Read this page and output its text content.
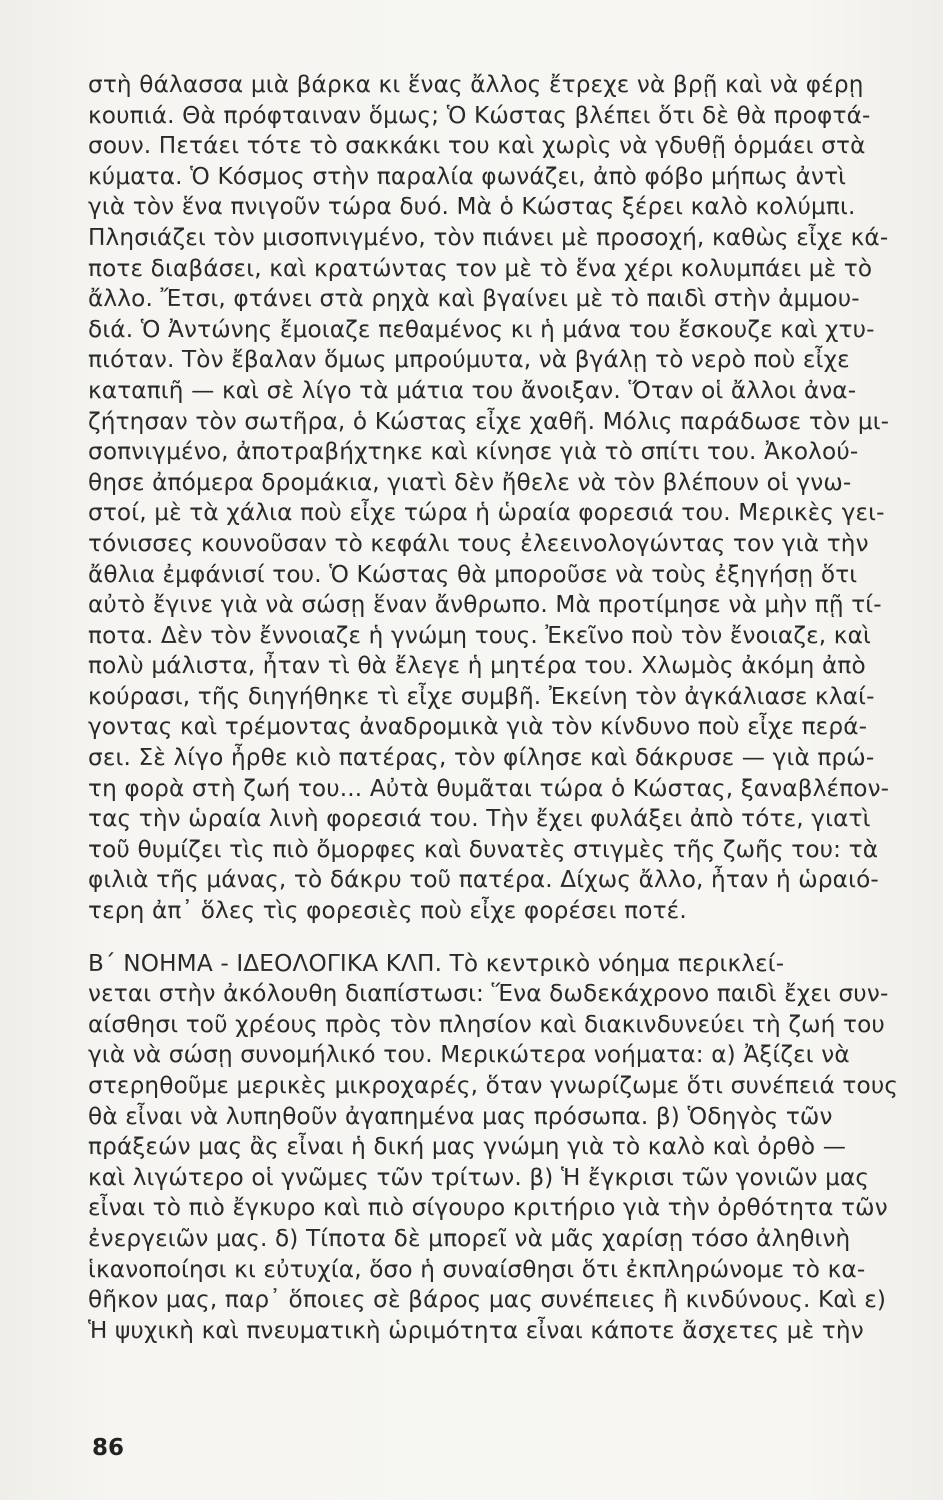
στὴ θάλασσα μιὰ βάρκα κι ἕνας ἄλλος ἔτρεχε νὰ βρῇ καὶ νὰ φέρῃ
κουπιά. Θὰ πρόφταιναν ὅμως; Ὁ Κώστας βλέπει ὅτι δὲ θὰ προφτά-
σουν. Πετάει τότε τὸ σακκάκι του καὶ χωρὶς νὰ γδυθῇ ὁρμάει στὰ
κύματα. Ὁ Κόσμος στὴν παραλία φωνάζει, ἀπὸ φόβο μήπως ἀντὶ
γιὰ τὸν ἕνα πνιγοῦν τώρα δυό. Μὰ ὁ Κώστας ξέρει καλὸ κολύμπι.
Πλησιάζει τὸν μισοπνιγμένο, τὸν πιάνει μὲ προσοχή, καθὼς εἶχε κά-
ποτε διαβάσει, καὶ κρατώντας τον μὲ τὸ ἕνα χέρι κολυμπάει μὲ τὸ
ἄλλο. Ἔτσι, φτάνει στὰ ρηχὰ καὶ βγαίνει μὲ τὸ παιδὶ στὴν ἀμμου-
διά. Ὁ Ἀντώνης ἔμοιαζε πεθαμένος κι ἡ μάνα του ἔσκουζε καὶ χτυ-
πιόταν. Τὸν ἔβαλαν ὅμως μπρούμυτα, νὰ βγάλῃ τὸ νερὸ ποὺ εἶχε
καταπιῆ — καὶ σὲ λίγο τὰ μάτια του ἄνοιξαν. Ὅταν οἱ ἄλλοι ἀνα-
ζήτησαν τὸν σωτῆρα, ὁ Κώστας εἶχε χαθῆ. Μόλις παράδωσε τὸν μι-
σοπνιγμένο, ἀποτραβήχτηκε καὶ κίνησε γιὰ τὸ σπίτι του. Ἀκολού-
θησε ἀπόμερα δρομάκια, γιατὶ δὲν ἤθελε νὰ τὸν βλέπουν οἱ γνω-
στοί, μὲ τὰ χάλια ποὺ εἶχε τώρα ἡ ὡραία φορεσιά του. Μερικὲς γει-
τόνισσες κουνοῦσαν τὸ κεφάλι τους ἐλεεινολογώντας τον γιὰ τὴν
ἄθλια ἐμφάνισί του. Ὁ Κώστας θὰ μποροῦσε νὰ τοὺς ἐξηγήσῃ ὅτι
αὐτὸ ἔγινε γιὰ νὰ σώσῃ ἕναν ἄνθρωπο. Μὰ προτίμησε νὰ μὴν πῇ τί-
ποτα. Δὲν τὸν ἔννοιαζε ἡ γνώμη τους. Ἐκεῖνο ποὺ τὸν ἔνοιαζε, καὶ
πολὺ μάλιστα, ἦταν τὶ θὰ ἔλεγε ἡ μητέρα του. Χλωμὸς ἀκόμη ἀπὸ
κούρασι, τῆς διηγήθηκε τὶ εἶχε συμβῆ. Ἐκείνη τὸν ἀγκάλιασε κλαί-
γοντας καὶ τρέμοντας ἀναδρομικὰ γιὰ τὸν κίνδυνο ποὺ εἶχε περά-
σει. Σὲ λίγο ἦρθε κιὸ πατέρας, τὸν φίλησε καὶ δάκρυσε — γιὰ πρώ-
τη φορὰ στὴ ζωή του... Αὐτὰ θυμᾶται τώρα ὁ Κώστας, ξαναβλέπον-
τας τὴν ὡραία λινὴ φορεσιά του. Τὴν ἔχει φυλάξει ἀπὸ τότε, γιατὶ
τοῦ θυμίζει τὶς πιὸ ὄμορφες καὶ δυνατὲς στιγμὲς τῆς ζωῆς του: τὰ
φιλιὰ τῆς μάνας, τὸ δάκρυ τοῦ πατέρα. Δίχως ἄλλο, ἦταν ἡ ὡραιό-
τερη ἀπ᾽ ὅλες τὶς φορεσιὲς ποὺ εἶχε φορέσει ποτέ.
Β΄ ΝΟΗΜΑ - ΙΔΕΟΛΟΓΙΚΑ ΚΛΠ. Τὸ κεντρικὸ νόημα περικλεί-
νεται στὴν ἀκόλουθη διαπίστωσι: Ἕνα δωδεκάχρονο παιδὶ ἔχει συν-
αίσθησι τοῦ χρέους πρὸς τὸν πλησίον καὶ διακινδυνεύει τὴ ζωή του
γιὰ νὰ σώσῃ συνομήλικό του. Μερικώτερα νοήματα: α) Ἀξίζει νὰ
στερηθοῦμε μερικὲς μικροχαρές, ὅταν γνωρίζωμε ὅτι συνέπειά τους
θὰ εἶναι νὰ λυπηθοῦν ἀγαπημένα μας πρόσωπα. β) Ὁδηγὸς τῶν
πράξεών μας ἂς εἶναι ἡ δική μας γνώμη γιὰ τὸ καλὸ καὶ ὀρθὸ —
καὶ λιγώτερο οἱ γνῶμες τῶν τρίτων. β) Ἡ ἔγκρισι τῶν γονιῶν μας
εἶναι τὸ πιὸ ἔγκυρο καὶ πιὸ σίγουρο κριτήριο γιὰ τὴν ὀρθότητα τῶν
ἐνεργειῶν μας. δ) Τίποτα δὲ μπορεῖ νὰ μᾶς χαρίσῃ τόσο ἀληθινὴ
ἱκανοποίησι κι εὐτυχία, ὅσο ἡ συναίσθησι ὅτι ἐκπληρώνομε τὸ κα-
θῆκον μας, παρ᾽ ὅποιες σὲ βάρος μας συνέπειες ἢ κινδύνους. Καὶ ε)
Ἡ ψυχικὴ καὶ πνευματικὴ ὡριμότητα εἶναι κάποτε ἄσχετες μὲ τὴν
86
